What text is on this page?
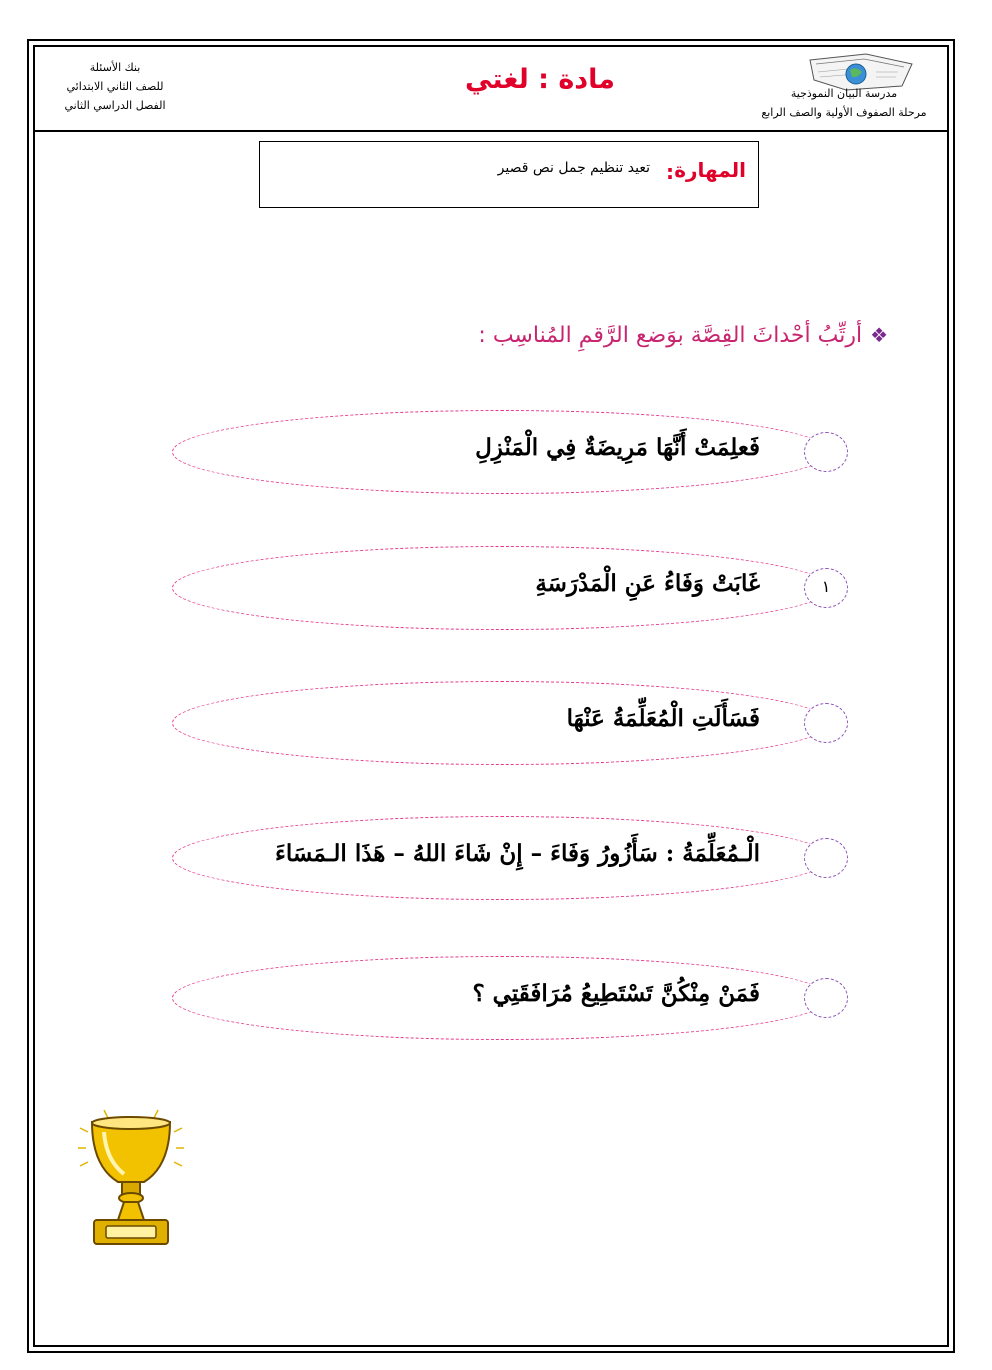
بنك الأسئلة
للصف الثاني الابتدائي
الفصل الدراسي الثاني
مادة : لغتي	مدرسة البيان النموذجية
مرحلة الصفوف الأولية والصف الرابع
المهارة
:
تعيد تنظيم جمل نص قصير
❖أرتِّبُ أحْداثَ القِصَّة بوَضع الرَّقمِ المُناسِب :
فَعلِمَتْ أَنَّهَا مَرِيضَةٌ فِي الْمَنْزِلِ
غَابَتْ وَفَاءُ عَنِ الْمَدْرَسَةِ	١
فَسَأَلَتِ الْمُعَلِّمَةُ عَنْهَا
الْـمُعَلِّمَةُ : سَأَزُورُ وَفَاءَ – إِنْ شَاءَ اللهُ – هَذَا الـمَسَاءَ
فَمَنْ مِنْكُنَّ تَسْتَطِيعُ مُرَافَقَتِي ؟
